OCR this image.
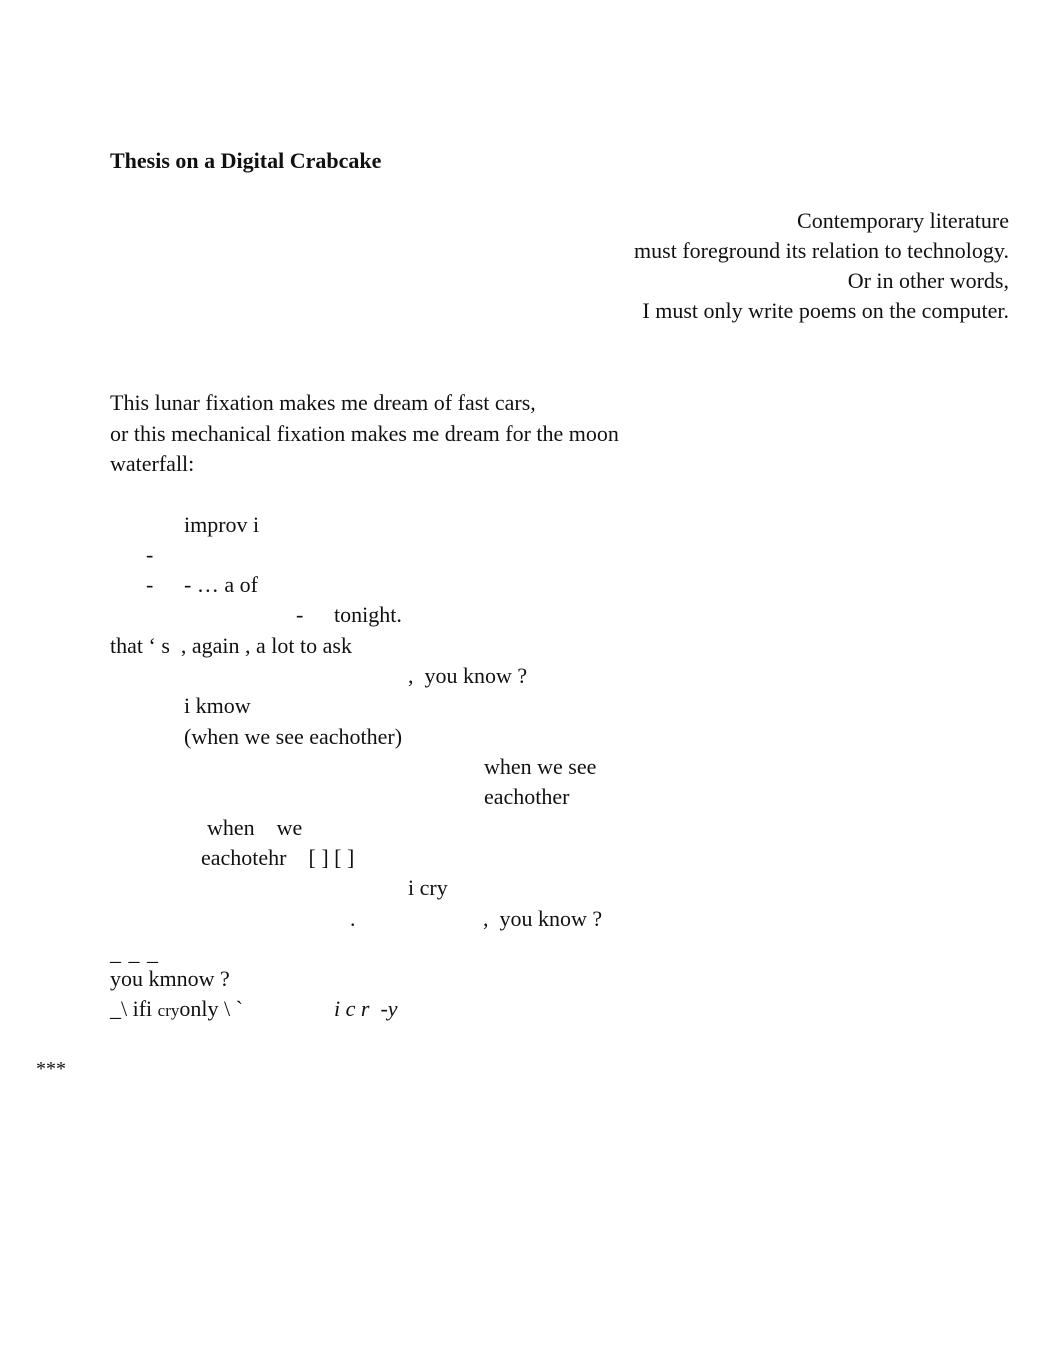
Thesis on a Digital Crabcake
Contemporary literature
must foreground its relation to technology.
Or in other words,
I must only write poems on the computer.
This lunar fixation makes me dream of fast cars,
or this mechanical fixation makes me dream for the moon
waterfall:
improv i
-
- - … a of
- tonight.
that ‘ s  , again , a lot to ask
,  you know ?
i kmow
(when we see eachother)
when we see
eachother
when    we
eachotehr    [ ] [ ]
i cry
.	,  you know ?
_ _ _
you kmnow ?
_\ ifi cryonly \ `	i c r  -y
***
